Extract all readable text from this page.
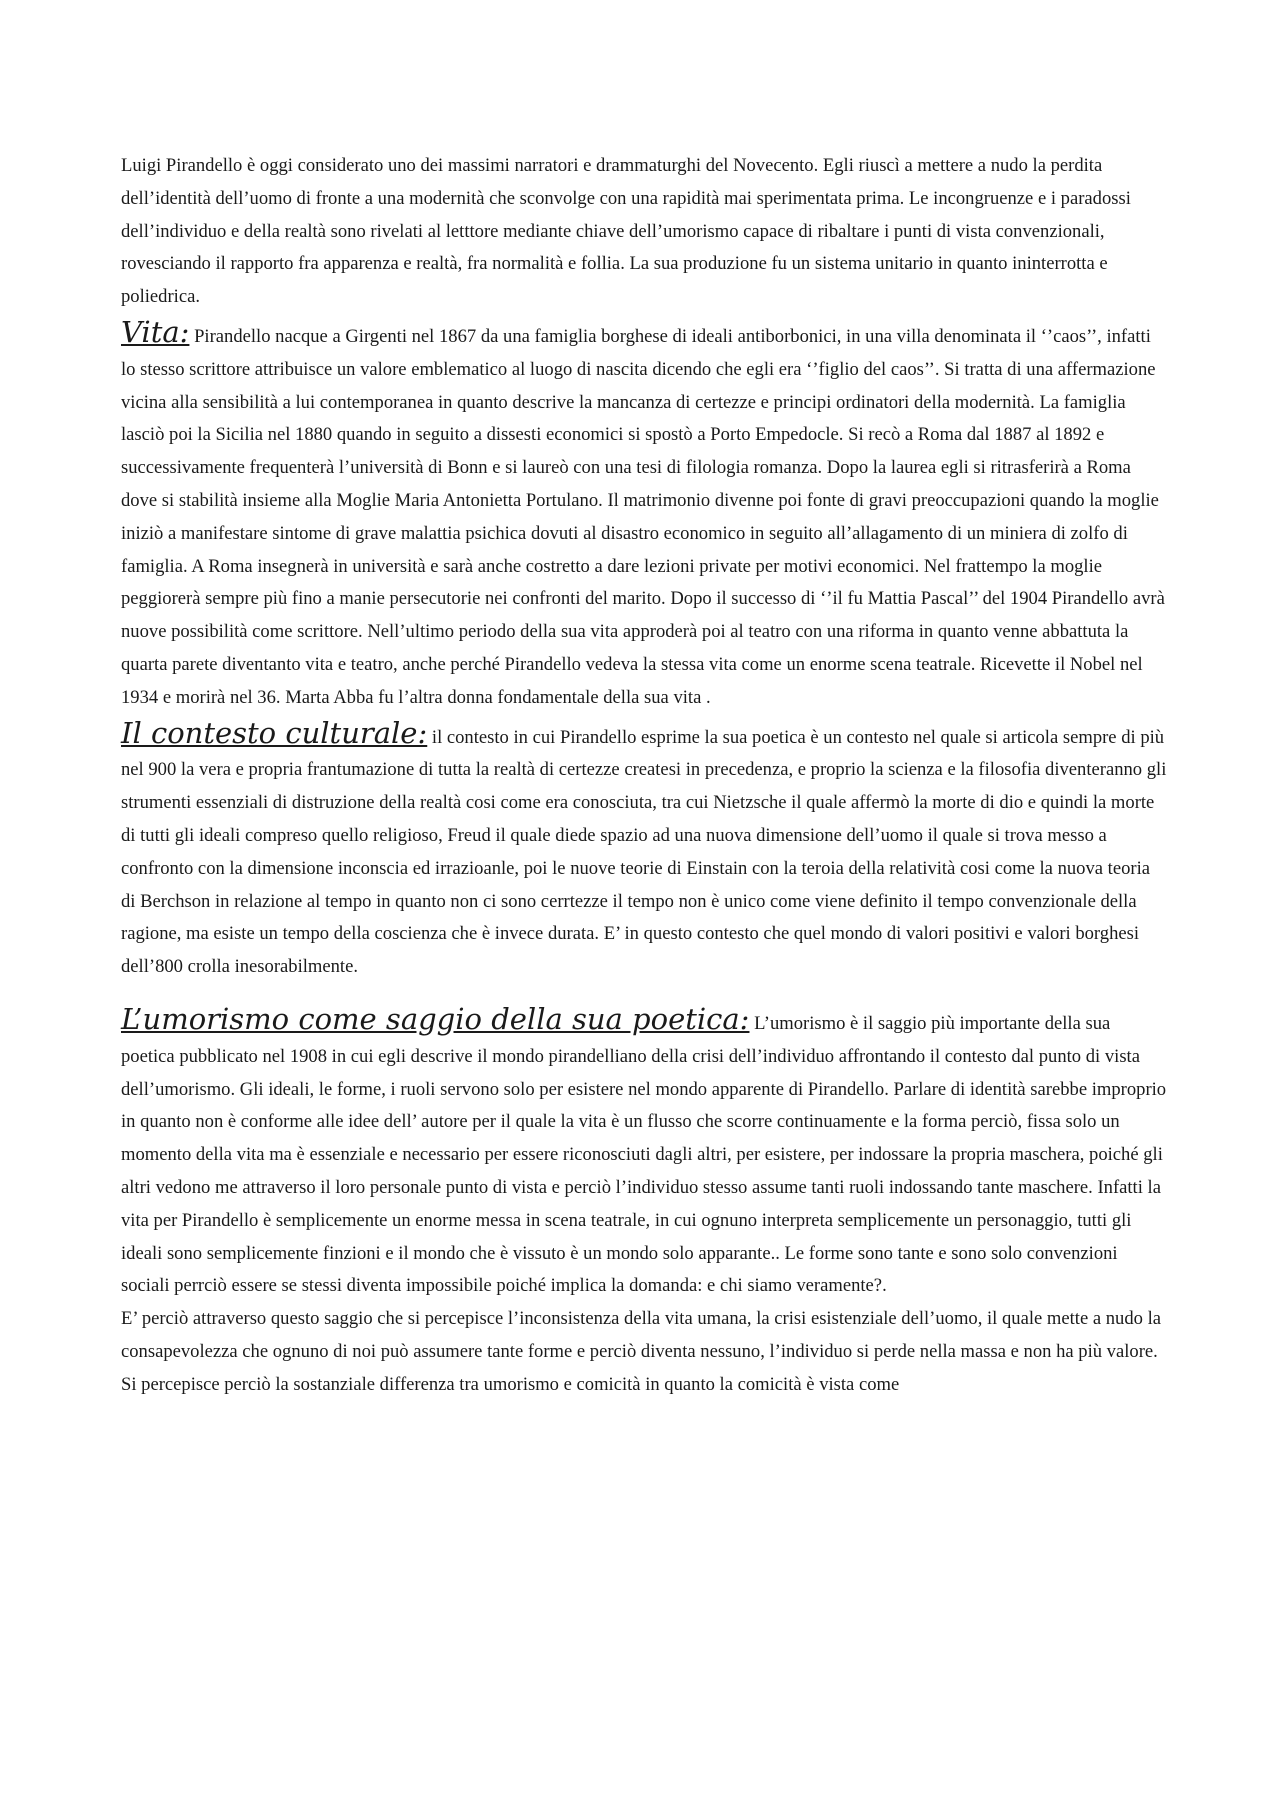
Luigi Pirandello è oggi considerato uno dei massimi narratori e drammaturghi del Novecento. Egli riuscì a mettere a nudo la perdita dell’identità dell’uomo di fronte a una modernità che sconvolge con una rapidità mai sperimentata prima. Le incongruenze e i paradossi dell’individuo e della realtà sono rivelati al letttore mediante chiave dell’umorismo capace di ribaltare i punti di vista convenzionali, rovesciando il rapporto fra apparenza e realtà, fra normalità e follia. La sua produzione fu un sistema unitario in quanto ininterrotta e poliedrica.

Vita: Pirandello nacque a Girgenti nel 1867 da una famiglia borghese di ideali antiborbonici, in una villa denominata il ‘’caos’’, infatti lo stesso scrittore attribuisce un valore emblematico al luogo di nascita dicendo che egli era ‘’figlio del caos’’. Si tratta di una affermazione vicina alla sensibilità a lui contemporanea in quanto descrive la mancanza di certezze e principi ordinatori della modernità. La famiglia lasciò poi la Sicilia nel 1880 quando in seguito a dissesti economici si spostò a Porto Empedocle. Si recò a Roma dal 1887 al 1892 e successivamente frequenterà l’università di Bonn e si laureò con una tesi di filologia romanza. Dopo la laurea egli si ritrasferirà a Roma dove si stabilità insieme alla Moglie Maria Antonietta Portulano. Il matrimonio divenne poi fonte di gravi preoccupazioni quando la moglie iniziò a manifestare sintome di grave malattia psichica dovuti al disastro economico in seguito all’allagamento di un miniera di zolfo di famiglia. A Roma insegnerà in università e sarà anche costretto a dare lezioni private per motivi economici. Nel frattempo la moglie peggiorerà sempre più fino a manie persecutorie nei confronti del marito. Dopo il successo di ‘’il fu Mattia Pascal’’ del 1904 Pirandello avrà nuove possibilità come scrittore. Nell’ultimo periodo della sua vita approderà poi al teatro con una riforma in quanto venne abbattuta la quarta parete diventanto vita e teatro, anche perché Pirandello vedeva la stessa vita come un enorme scena teatrale. Ricevette il Nobel nel 1934 e morirà nel 36. Marta Abba fu l’altra donna fondamentale della sua vita .

Il contesto culturale: il contesto in cui Pirandello esprime la sua poetica è un contesto nel quale si articola sempre di più nel 900 la vera e propria frantumazione di tutta la realtà di certezze createsi in precedenza, e proprio la scienza e la filosofia diventeranno gli strumenti essenziali di distruzione della realtà cosi come era conosciuta, tra cui Nietzsche il quale affermò la morte di dio e quindi la morte di tutti gli ideali compreso quello religioso, Freud il quale diede spazio ad una nuova dimensione dell’uomo il quale si trova messo a confronto con la dimensione inconscia ed irrazioanle, poi le nuove teorie di Einstain con la teroia della relatività cosi come la nuova teoria di Berchson in relazione al tempo in quanto non ci sono cerrtezze il tempo non è unico come viene definito il tempo convenzionale della ragione, ma esiste un tempo della coscienza che è invece durata. E’ in questo contesto che quel mondo di valori positivi e valori borghesi dell’800 crolla inesorabilmente.

L’umorismo come saggio della sua poetica: L’umorismo è il saggio più importante della sua poetica pubblicato nel 1908 in cui egli descrive il mondo pirandelliano della crisi dell’individuo affrontando il contesto dal punto di vista dell’umorismo. Gli ideali, le forme, i ruoli servono solo per esistere nel mondo apparente di Pirandello. Parlare di identità sarebbe improprio in quanto non è conforme alle idee dell’ autore per il quale la vita è un flusso che scorre continuamente e la forma perciò, fissa solo un momento della vita ma è essenziale e necessario per essere riconosciuti dagli altri, per esistere, per indossare la propria maschera, poiché gli altri vedono me attraverso il loro personale punto di vista e perciò l’individuo stesso assume tanti ruoli indossando tante maschere. Infatti la vita per Pirandello è semplicemente un enorme messa in scena teatrale, in cui ognuno interpreta semplicemente un personaggio, tutti gli ideali sono semplicemente finzioni e il mondo che è vissuto è un mondo solo apparante.. Le forme sono tante e sono solo convenzioni sociali perrciò essere se stessi diventa impossibile poiché implica la domanda: e chi siamo veramente?.

E’ perciò attraverso questo saggio che si percepisce l’inconsistenza della vita umana, la crisi esistenziale dell’uomo, il quale mette a nudo la consapevolezza che ognuno di noi può assumere tante forme e perciò diventa nessuno, l’individuo si perde nella massa e non ha più valore.

Si percepisce perciò la sostanziale differenza tra umorismo e comicità in quanto la comicità è vista come
